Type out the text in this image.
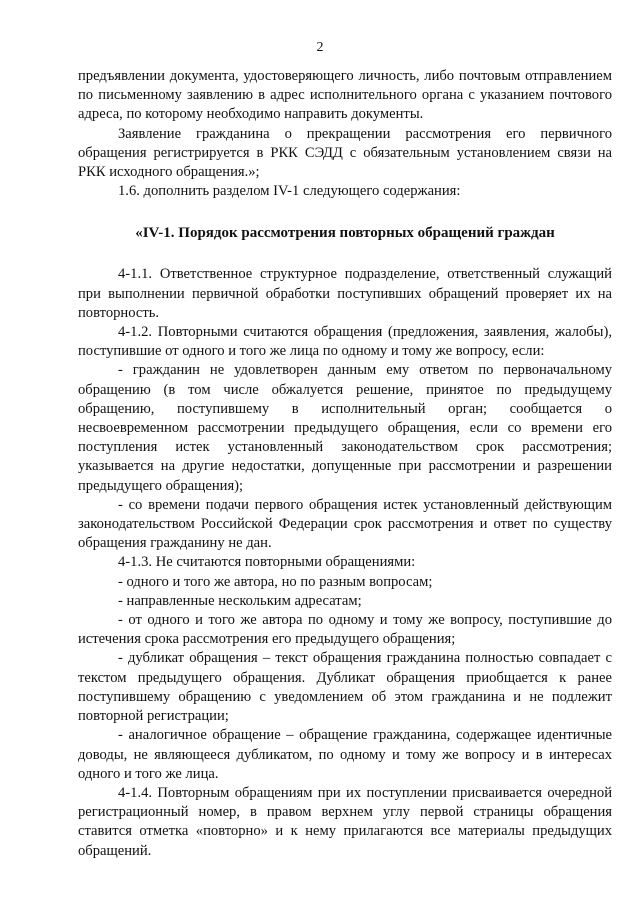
2

предъявлении документа, удостоверяющего личность, либо почтовым отправлением по письменному заявлению в адрес исполнительного органа с указанием почтового адреса, по которому необходимо направить документы.

Заявление гражданина о прекращении рассмотрения его первичного обращения регистрируется в РКК СЭДД с обязательным установлением связи на РКК исходного обращения.»;

1.6. дополнить разделом IV-1 следующего содержания:

«IV-1. Порядок рассмотрения повторных обращений граждан

4-1.1. Ответственное структурное подразделение, ответственный служащий при выполнении первичной обработки поступивших обращений проверяет их на повторность.

4-1.2. Повторными считаются обращения (предложения, заявления, жалобы), поступившие от одного и того же лица по одному и тому же вопросу, если:

- гражданин не удовлетворен данным ему ответом по первоначальному обращению (в том числе обжалуется решение, принятое по предыдущему обращению, поступившему в исполнительный орган; сообщается о несвоевременном рассмотрении предыдущего обращения, если со времени его поступления истек установленный законодательством срок рассмотрения; указывается на другие недостатки, допущенные при рассмотрении и разрешении предыдущего обращения);

- со времени подачи первого обращения истек установленный действующим законодательством Российской Федерации срок рассмотрения и ответ по существу обращения гражданину не дан.

4-1.3. Не считаются повторными обращениями:

- одного и того же автора, но по разным вопросам;

- направленные нескольким адресатам;

- от одного и того же автора по одному и тому же вопросу, поступившие до истечения срока рассмотрения его предыдущего обращения;

- дубликат обращения – текст обращения гражданина полностью совпадает с текстом предыдущего обращения. Дубликат обращения приобщается к ранее поступившему обращению с уведомлением об этом гражданина и не подлежит повторной регистрации;

- аналогичное обращение – обращение гражданина, содержащее идентичные доводы, не являющееся дубликатом, по одному и тому же вопросу и в интересах одного и того же лица.

4-1.4. Повторным обращениям при их поступлении присваивается очередной регистрационный номер, в правом верхнем углу первой страницы обращения ставится отметка «повторно» и к нему прилагаются все материалы предыдущих обращений.
